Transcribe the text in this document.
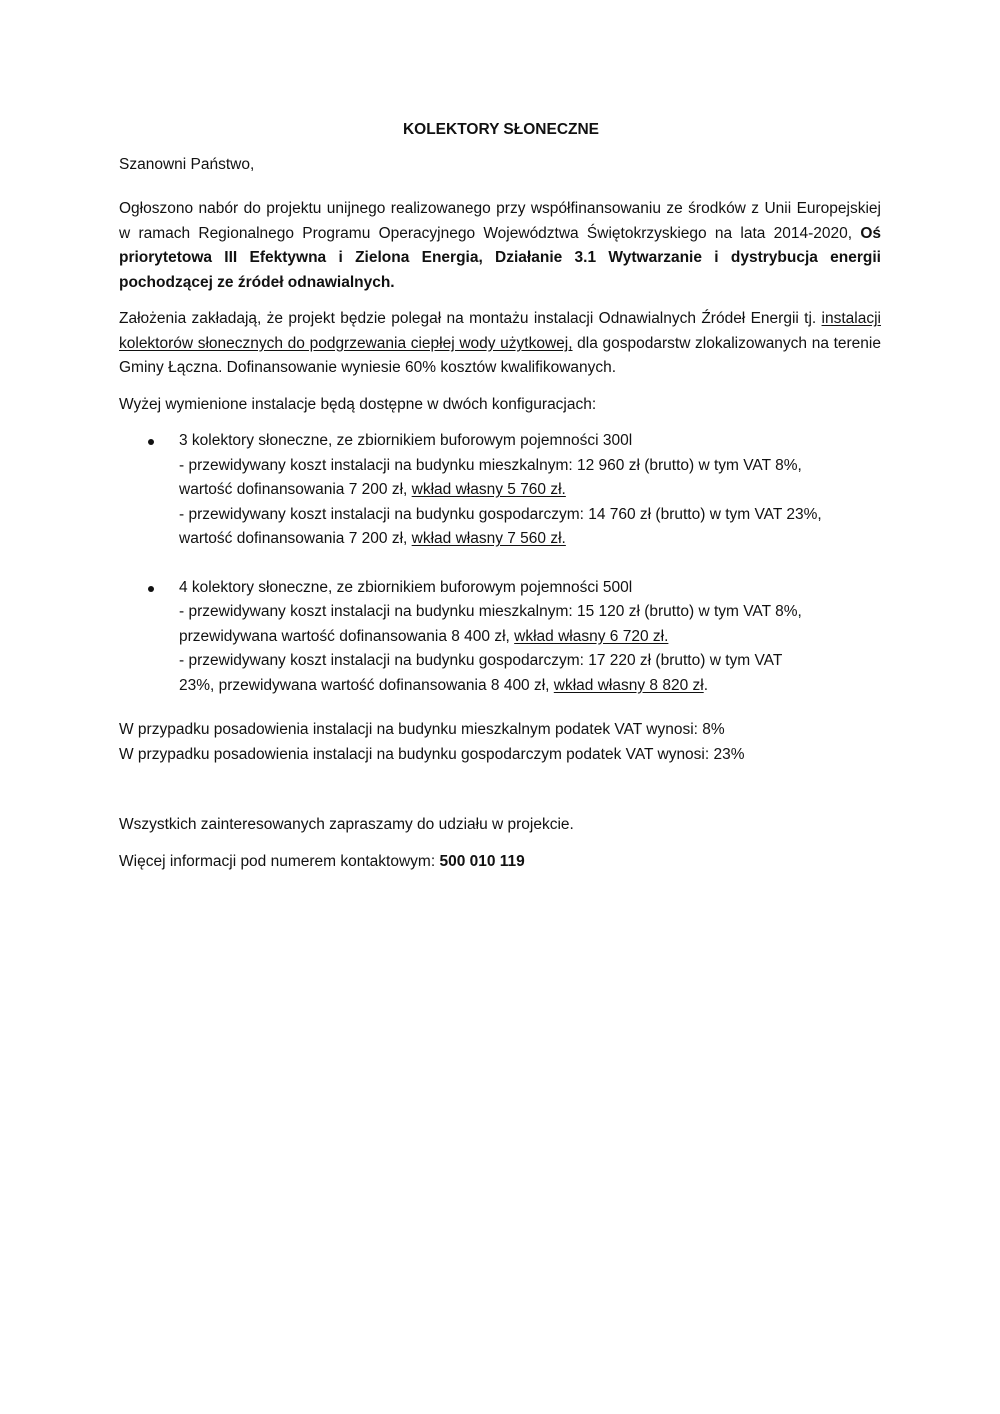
KOLEKTORY SŁONECZNE
Szanowni Państwo,

Ogłoszono nabór do projektu unijnego realizowanego przy współfinansowaniu ze środków z Unii Europejskiej w ramach Regionalnego Programu Operacyjnego Województwa Świętokrzyskiego na lata 2014-2020, Oś priorytetowa III Efektywna i Zielona Energia, Działanie 3.1 Wytwarzanie i dystrybucja energii pochodzącej ze źródeł odnawialnych.

Założenia zakładają, że projekt będzie polegał na montażu instalacji Odnawialnych Źródeł Energii tj. instalacji kolektorów słonecznych do podgrzewania ciepłej wody użytkowej, dla gospodarstw zlokalizowanych na terenie Gminy Łączna. Dofinansowanie wyniesie 60% kosztów kwalifikowanych.

Wyżej wymienione instalacje będą dostępne w dwóch konfiguracjach:

3 kolektory słoneczne, ze zbiornikiem buforowym pojemności 300l
- przewidywany koszt instalacji na budynku mieszkalnym: 12 960 zł (brutto) w tym VAT 8%,
wartość dofinansowania 7 200 zł, wkład własny 5 760 zł.
- przewidywany koszt instalacji na budynku gospodarczym: 14 760 zł (brutto) w tym VAT 23%,
wartość dofinansowania 7 200 zł, wkład własny 7 560 zł.
4 kolektory słoneczne, ze zbiornikiem buforowym pojemności 500l
- przewidywany koszt instalacji na budynku mieszkalnym: 15 120 zł (brutto) w tym VAT 8%,
przewidywana wartość dofinansowania 8 400 zł, wkład własny 6 720 zł.
- przewidywany koszt instalacji na budynku gospodarczym: 17 220 zł (brutto) w tym VAT
23%, przewidywana wartość dofinansowania 8 400 zł, wkład własny 8 820 zł.
W przypadku posadowienia instalacji na budynku mieszkalnym podatek VAT wynosi: 8%
W przypadku posadowienia instalacji na budynku gospodarczym podatek VAT wynosi: 23%

Wszystkich zainteresowanych zapraszamy do udziału w projekcie.

Więcej informacji pod numerem kontaktowym: 500 010 119
